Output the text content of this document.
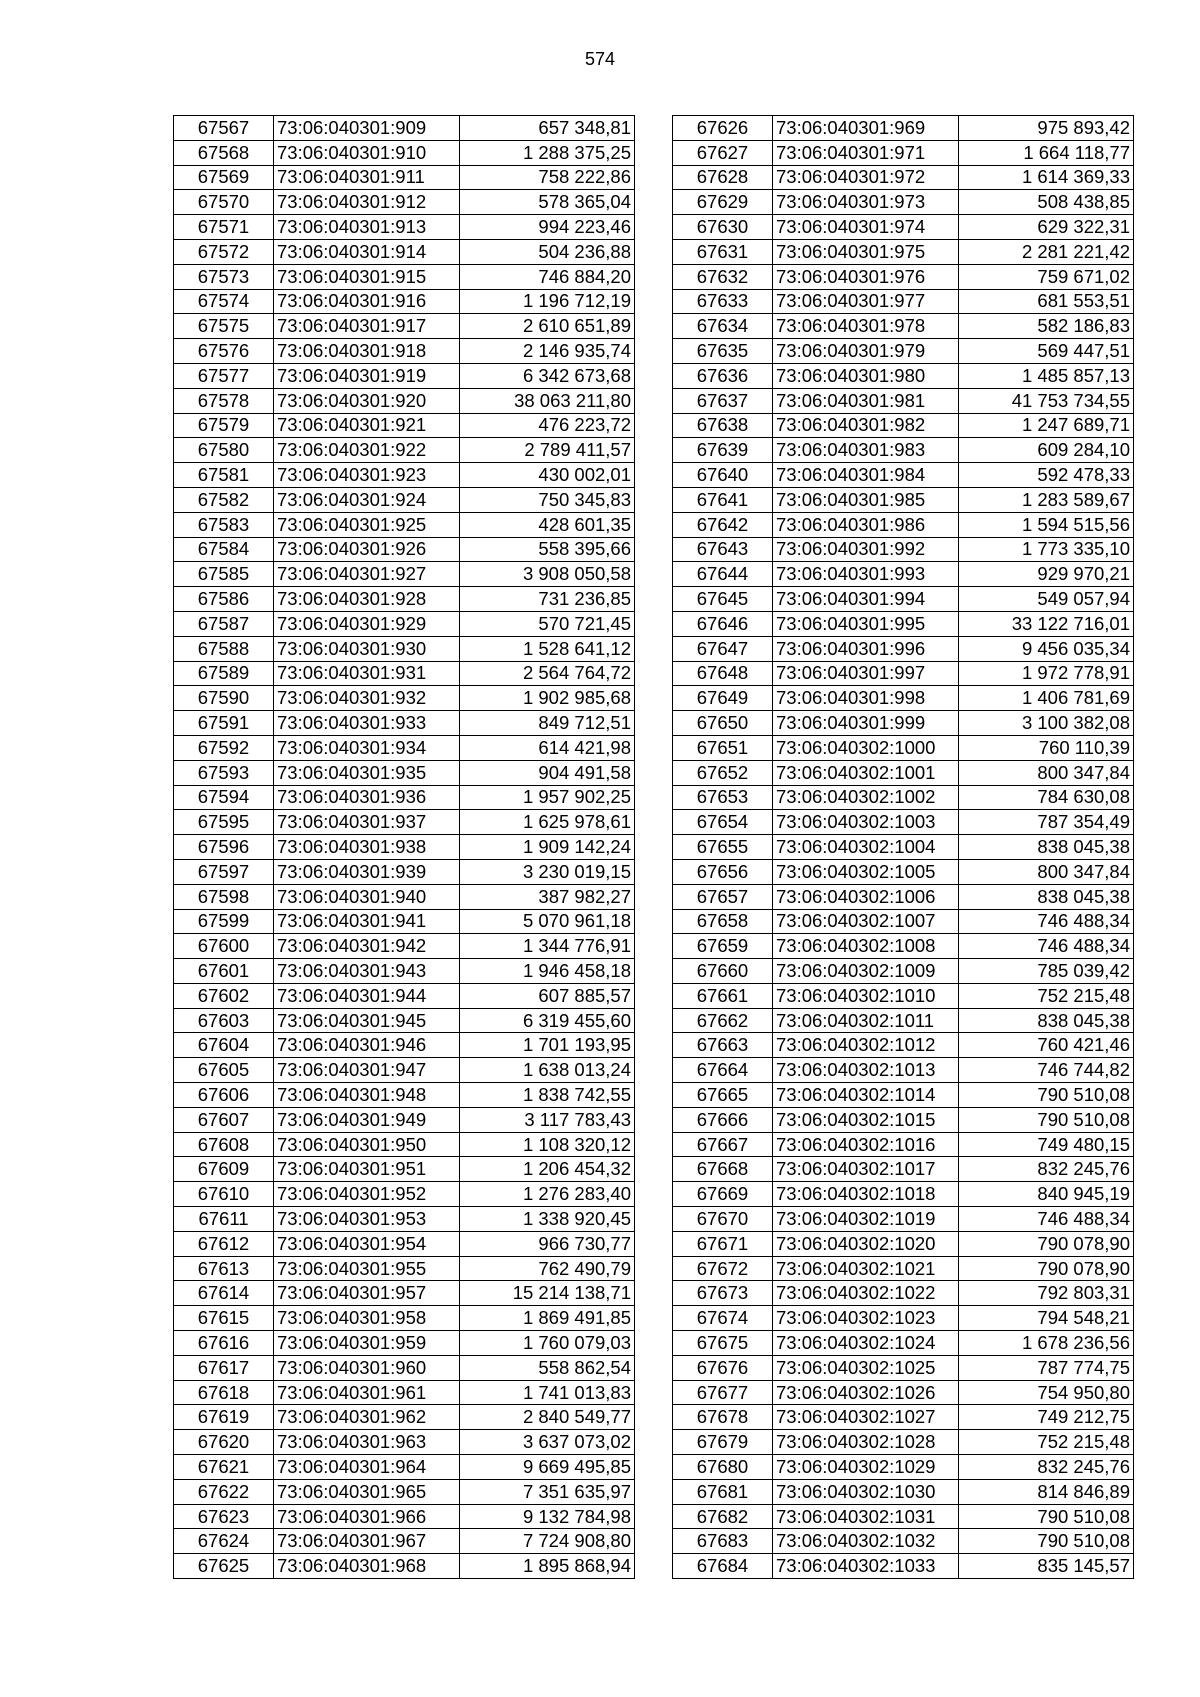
574
67567	73:06:040301:909	657 348,81
67568	73:06:040301:910	1 288 375,25
67569	73:06:040301:911	758 222,86
67570	73:06:040301:912	578 365,04
67571	73:06:040301:913	994 223,46
67572	73:06:040301:914	504 236,88
67573	73:06:040301:915	746 884,20
67574	73:06:040301:916	1 196 712,19
67575	73:06:040301:917	2 610 651,89
67576	73:06:040301:918	2 146 935,74
67577	73:06:040301:919	6 342 673,68
67578	73:06:040301:920	38 063 211,80
67579	73:06:040301:921	476 223,72
67580	73:06:040301:922	2 789 411,57
67581	73:06:040301:923	430 002,01
67582	73:06:040301:924	750 345,83
67583	73:06:040301:925	428 601,35
67584	73:06:040301:926	558 395,66
67585	73:06:040301:927	3 908 050,58
67586	73:06:040301:928	731 236,85
67587	73:06:040301:929	570 721,45
67588	73:06:040301:930	1 528 641,12
67589	73:06:040301:931	2 564 764,72
67590	73:06:040301:932	1 902 985,68
67591	73:06:040301:933	849 712,51
67592	73:06:040301:934	614 421,98
67593	73:06:040301:935	904 491,58
67594	73:06:040301:936	1 957 902,25
67595	73:06:040301:937	1 625 978,61
67596	73:06:040301:938	1 909 142,24
67597	73:06:040301:939	3 230 019,15
67598	73:06:040301:940	387 982,27
67599	73:06:040301:941	5 070 961,18
67600	73:06:040301:942	1 344 776,91
67601	73:06:040301:943	1 946 458,18
67602	73:06:040301:944	607 885,57
67603	73:06:040301:945	6 319 455,60
67604	73:06:040301:946	1 701 193,95
67605	73:06:040301:947	1 638 013,24
67606	73:06:040301:948	1 838 742,55
67607	73:06:040301:949	3 117 783,43
67608	73:06:040301:950	1 108 320,12
67609	73:06:040301:951	1 206 454,32
67610	73:06:040301:952	1 276 283,40
67611	73:06:040301:953	1 338 920,45
67612	73:06:040301:954	966 730,77
67613	73:06:040301:955	762 490,79
67614	73:06:040301:957	15 214 138,71
67615	73:06:040301:958	1 869 491,85
67616	73:06:040301:959	1 760 079,03
67617	73:06:040301:960	558 862,54
67618	73:06:040301:961	1 741 013,83
67619	73:06:040301:962	2 840 549,77
67620	73:06:040301:963	3 637 073,02
67621	73:06:040301:964	9 669 495,85
67622	73:06:040301:965	7 351 635,97
67623	73:06:040301:966	9 132 784,98
67624	73:06:040301:967	7 724 908,80
67625	73:06:040301:968	1 895 868,94
67626	73:06:040301:969	975 893,42
67627	73:06:040301:971	1 664 118,77
67628	73:06:040301:972	1 614 369,33
67629	73:06:040301:973	508 438,85
67630	73:06:040301:974	629 322,31
67631	73:06:040301:975	2 281 221,42
67632	73:06:040301:976	759 671,02
67633	73:06:040301:977	681 553,51
67634	73:06:040301:978	582 186,83
67635	73:06:040301:979	569 447,51
67636	73:06:040301:980	1 485 857,13
67637	73:06:040301:981	41 753 734,55
67638	73:06:040301:982	1 247 689,71
67639	73:06:040301:983	609 284,10
67640	73:06:040301:984	592 478,33
67641	73:06:040301:985	1 283 589,67
67642	73:06:040301:986	1 594 515,56
67643	73:06:040301:992	1 773 335,10
67644	73:06:040301:993	929 970,21
67645	73:06:040301:994	549 057,94
67646	73:06:040301:995	33 122 716,01
67647	73:06:040301:996	9 456 035,34
67648	73:06:040301:997	1 972 778,91
67649	73:06:040301:998	1 406 781,69
67650	73:06:040301:999	3 100 382,08
67651	73:06:040302:1000	760 110,39
67652	73:06:040302:1001	800 347,84
67653	73:06:040302:1002	784 630,08
67654	73:06:040302:1003	787 354,49
67655	73:06:040302:1004	838 045,38
67656	73:06:040302:1005	800 347,84
67657	73:06:040302:1006	838 045,38
67658	73:06:040302:1007	746 488,34
67659	73:06:040302:1008	746 488,34
67660	73:06:040302:1009	785 039,42
67661	73:06:040302:1010	752 215,48
67662	73:06:040302:1011	838 045,38
67663	73:06:040302:1012	760 421,46
67664	73:06:040302:1013	746 744,82
67665	73:06:040302:1014	790 510,08
67666	73:06:040302:1015	790 510,08
67667	73:06:040302:1016	749 480,15
67668	73:06:040302:1017	832 245,76
67669	73:06:040302:1018	840 945,19
67670	73:06:040302:1019	746 488,34
67671	73:06:040302:1020	790 078,90
67672	73:06:040302:1021	790 078,90
67673	73:06:040302:1022	792 803,31
67674	73:06:040302:1023	794 548,21
67675	73:06:040302:1024	1 678 236,56
67676	73:06:040302:1025	787 774,75
67677	73:06:040302:1026	754 950,80
67678	73:06:040302:1027	749 212,75
67679	73:06:040302:1028	752 215,48
67680	73:06:040302:1029	832 245,76
67681	73:06:040302:1030	814 846,89
67682	73:06:040302:1031	790 510,08
67683	73:06:040302:1032	790 510,08
67684	73:06:040302:1033	835 145,57
